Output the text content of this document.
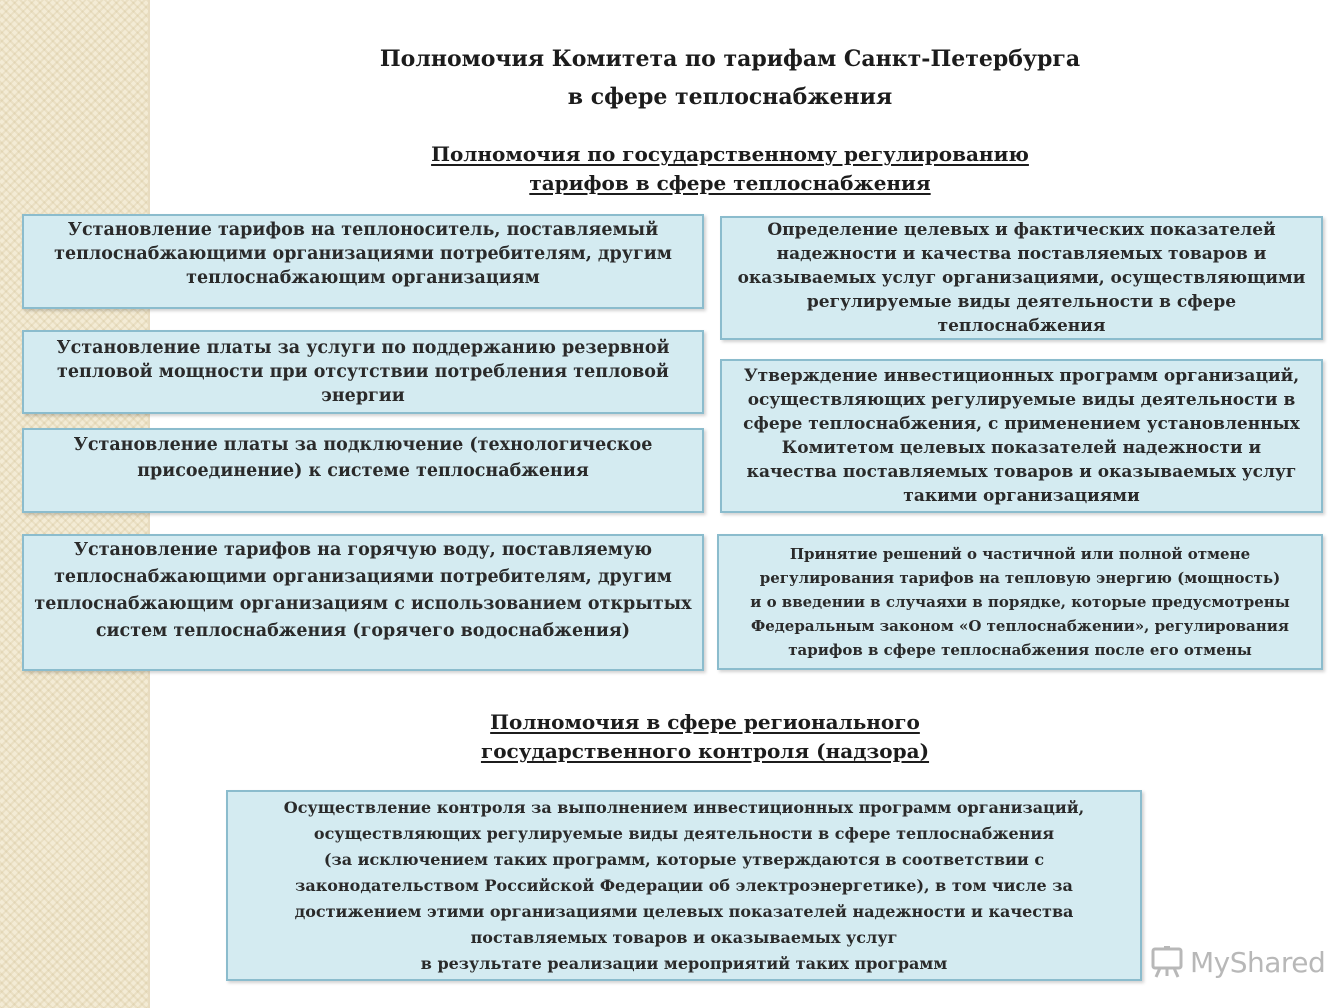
Полномочия Комитета по тарифам Санкт-Петербурга
в сфере теплоснабжения
Полномочия по государственному регулированию
тарифов в сфере теплоснабжения
Установление тарифов на теплоноситель, поставляемый
теплоснабжающими организациями потребителям, другим
теплоснабжающим организациям
Установление платы за услуги по поддержанию резервной
тепловой мощности при отсутствии потребления тепловой
энергии
Установление платы за подключение (технологическое
присоединение) к системе теплоснабжения
Установление тарифов на горячую воду, поставляемую
теплоснабжающими организациями потребителям, другим
теплоснабжающим организациям с использованием открытых
систем теплоснабжения (горячего водоснабжения)
Определение целевых и фактических показателей
надежности и качества поставляемых товаров и
оказываемых услуг организациями, осуществляющими
регулируемые виды деятельности в сфере
теплоснабжения
Утверждение инвестиционных программ организаций,
осуществляющих регулируемые виды деятельности в
сфере теплоснабжения, с применением установленных
Комитетом целевых показателей надежности и
качества поставляемых товаров и оказываемых услуг
такими организациями
Принятие решений о частичной или полной отмене
регулирования тарифов на тепловую энергию (мощность)
и о введении в случаяхи в порядке, которые предусмотрены
Федеральным законом «О теплоснабжении», регулирования
тарифов в сфере теплоснабжения после его отмены
Полномочия в сфере регионального
государственного контроля (надзора)
Осуществление контроля за выполнением инвестиционных программ организаций,
осуществляющих регулируемые виды деятельности в сфере теплоснабжения
(за исключением таких программ, которые утверждаются в соответствии с
законодательством Российской Федерации об электроэнергетике), в том числе за
достижением этими организациями целевых показателей надежности и качества
поставляемых товаров и оказываемых услуг
в результате реализации мероприятий таких программ	MyShared
